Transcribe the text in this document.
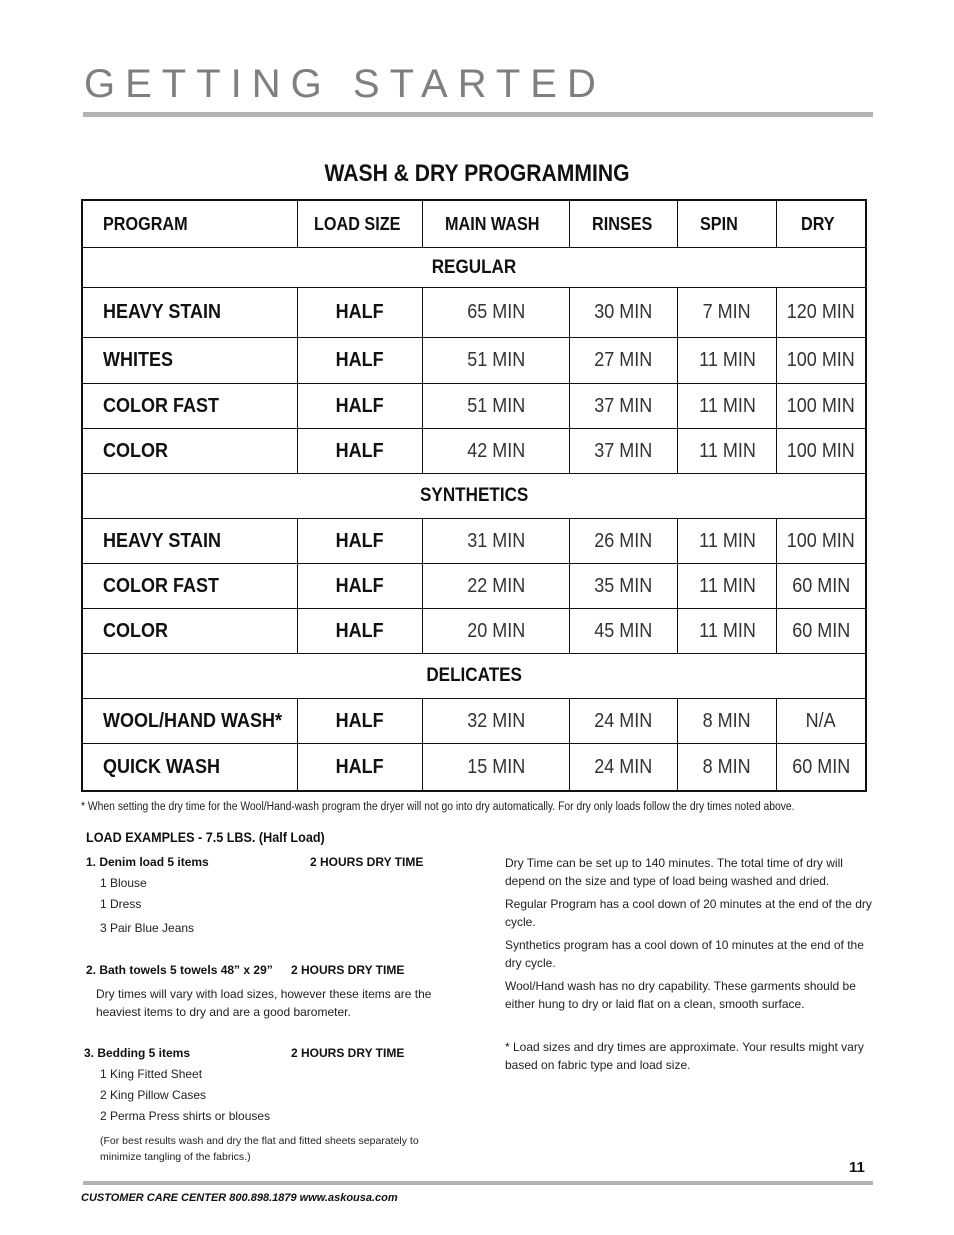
GETTING STARTED
WASH & DRY PROGRAMMING
PROGRAM	LOAD SIZE MAIN WASH	RINSES	SPIN	DRY
REGULAR
HEAVY STAIN	HALF	65 MIN	30 MIN	7 MIN 120 MIN
WHITES	HALF	51 MIN	27 MIN 11 MIN 100 MIN
COLOR FAST	HALF	51 MIN	37 MIN 11 MIN 100 MIN
COLOR	HALF	42 MIN	37 MIN 11 MIN 100 MIN
SYNTHETICS
HEAVY STAIN	HALF	31 MIN	26 MIN 11 MIN 100 MIN
COLOR FAST	HALF	22 MIN	35 MIN 11 MIN 60 MIN
COLOR	HALF	20 MIN	45 MIN 11 MIN 60 MIN
DELICATES
WOOL/HAND WASH*	HALF	32 MIN	24 MIN	8 MIN	N/A
QUICK WASH	HALF	15 MIN	24 MIN	8 MIN 60 MIN
* When setting the dry time for the Wool/Hand-wash program the dryer will not go into dry automatically. For dry only loads follow the dry times noted above.
LOAD EXAMPLES - 7.5 LBS. (Half Load)
1. Denim load 5 items	2 HOURS DRY TIME
1 Blouse
1 Dress
3 Pair Blue Jeans
2. Bath towels 5 towels 48” x 29” 2 HOURS DRY TIME
Dry times will vary with load sizes, however these items are the heaviest items to dry and are a good barometer.
3. Bedding 5 items	2 HOURS DRY TIME
1 King Fitted Sheet
2 King Pillow Cases
2 Perma Press shirts or blouses
(For best results wash and dry the flat and fitted sheets separately to minimize tangling of the fabrics.)
Dry Time can be set up to 140 minutes. The total time of dry will depend on the size and type of load being washed and dried.
Regular Program has a cool down of 20 minutes at the end of the dry cycle.
Synthetics program has a cool down of 10 minutes at the end of the dry cycle.
Wool/Hand wash has no dry capability. These garments should be either hung to dry or laid flat on a clean, smooth surface.
* Load sizes and dry times are approximate. Your results might vary based on fabric type and load size.
11
CUSTOMER CARE CENTER 800.898.1879 www.askousa.com
